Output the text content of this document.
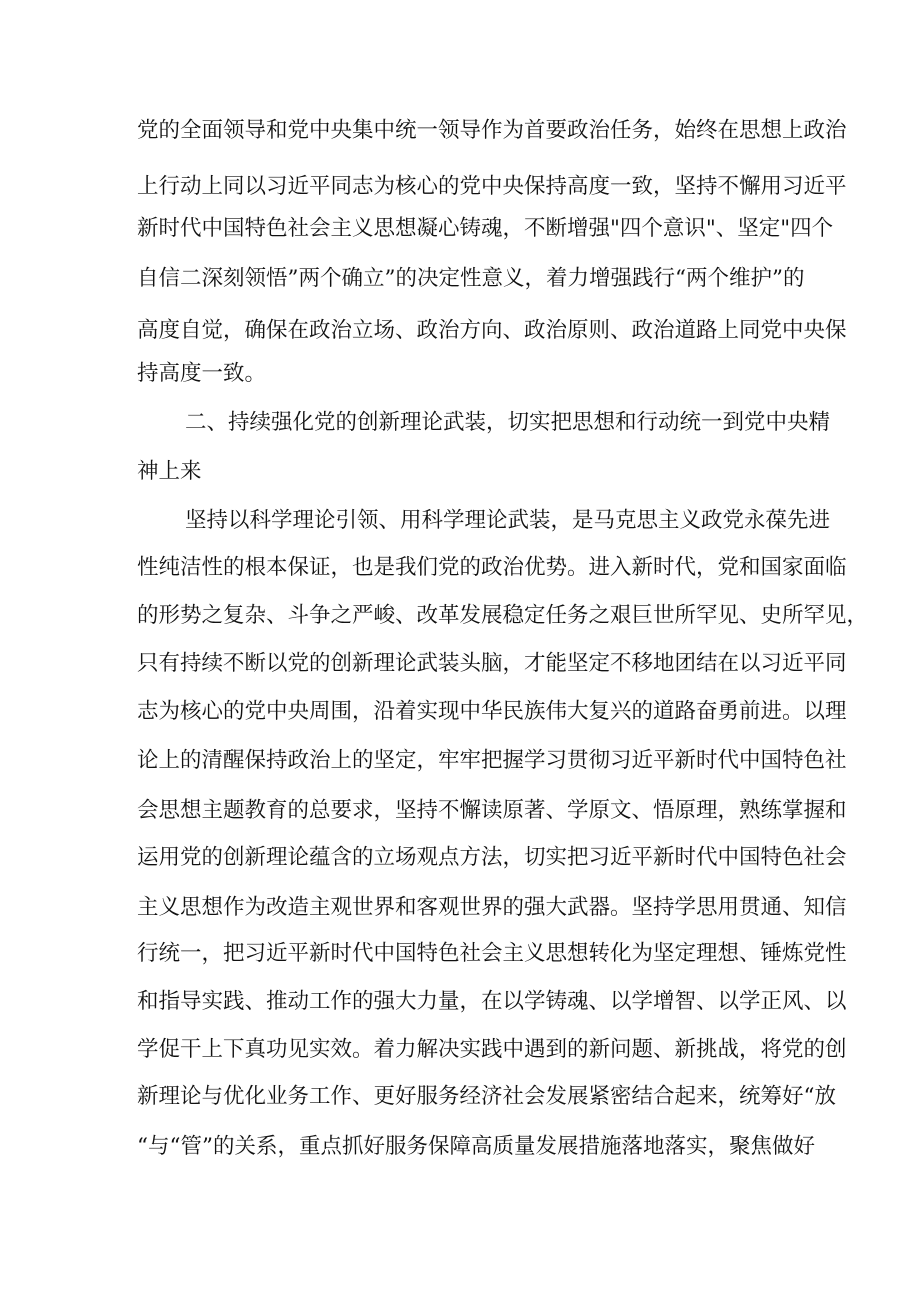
党的全面领导和党中央集中统一领导作为首要政治任务，始终在思想上政治
上行动上同以习近平同志为核心的党中央保持高度一致，坚持不懈用习近平
新时代中国特色社会主义思想凝心铸魂，不断增强"四个意识"、坚定"四个
自信二深刻领悟”两个确立”的决定性意义，着力增强践行“两个维护”的
高度自觉，确保在政治立场、政治方向、政治原则、政治道路上同党中央保
持高度一致。
二、持续强化党的创新理论武装，切实把思想和行动统一到党中央精
神上来
坚持以科学理论引领、用科学理论武装，是马克思主义政党永葆先进
性纯洁性的根本保证，也是我们党的政治优势。进入新时代，党和国家面临
的形势之复杂、斗争之严峻、改革发展稳定任务之艰巨世所罕见、史所罕见，
只有持续不断以党的创新理论武装头脑，才能坚定不移地团结在以习近平同
志为核心的党中央周围，沿着实现中华民族伟大复兴的道路奋勇前进。以理
论上的清醒保持政治上的坚定，牢牢把握学习贯彻习近平新时代中国特色社
会思想主题教育的总要求，坚持不懈读原著、学原文、悟原理，熟练掌握和
运用党的创新理论蕴含的立场观点方法，切实把习近平新时代中国特色社会
主义思想作为改造主观世界和客观世界的强大武器。坚持学思用贯通、知信
行统一，把习近平新时代中国特色社会主义思想转化为坚定理想、锤炼党性
和指导实践、推动工作的强大力量，在以学铸魂、以学增智、以学正风、以
学促干上下真功见实效。着力解决实践中遇到的新问题、新挑战，将党的创
新理论与优化业务工作、更好服务经济社会发展紧密结合起来，统筹好“放
“与“管”的关系，重点抓好服务保障高质量发展措施落地落实，聚焦做好
